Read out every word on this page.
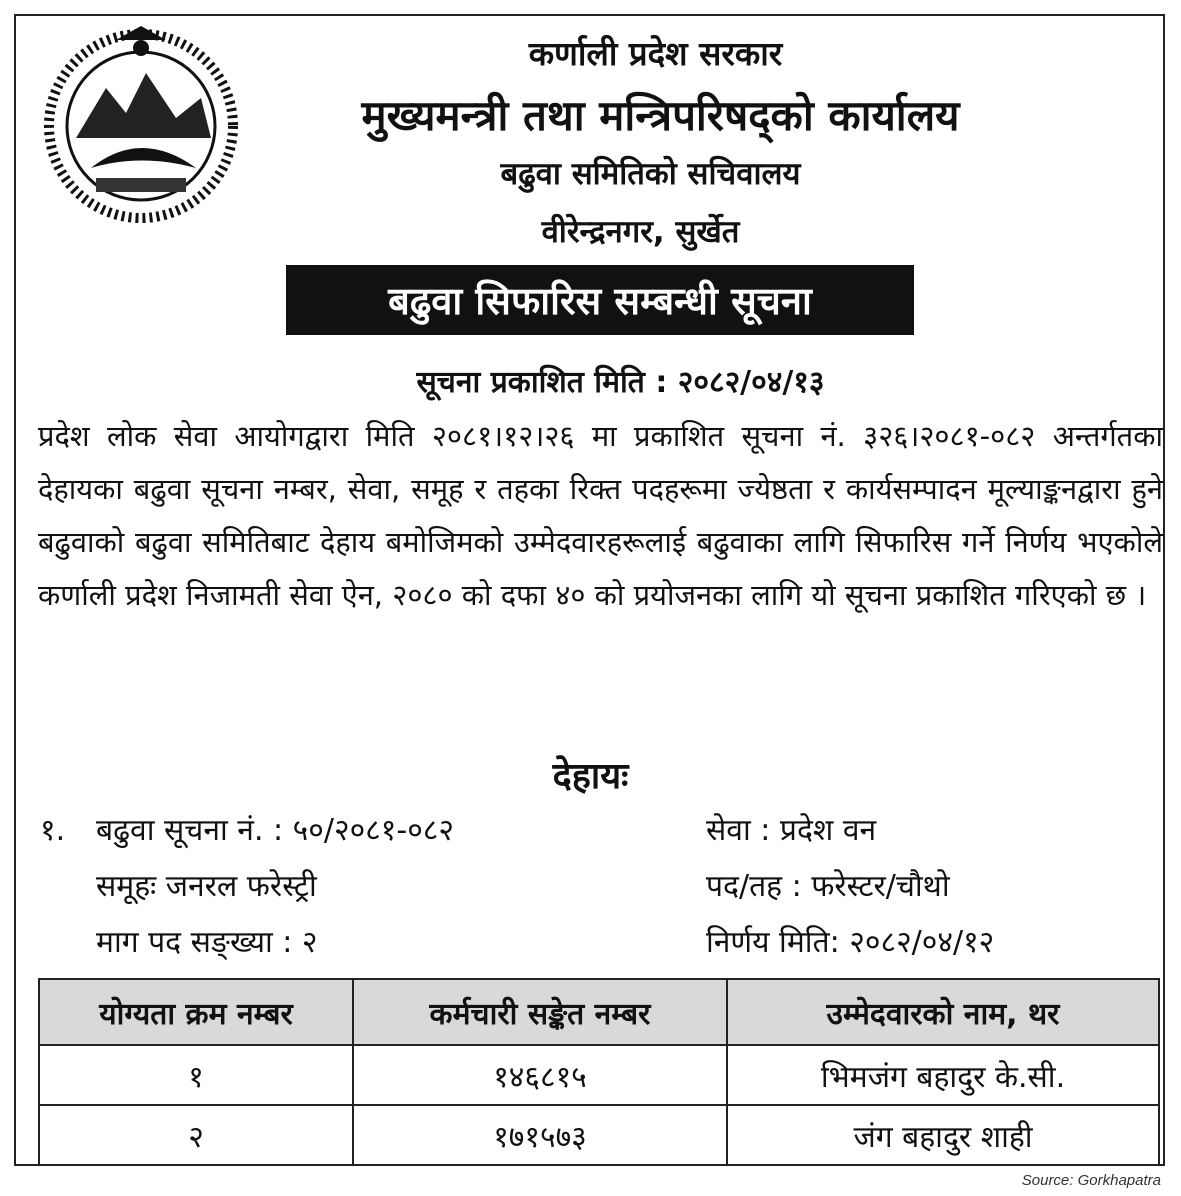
कर्णाली प्रदेश सरकार
मुख्यमन्त्री तथा मन्त्रिपरिषद्को कार्यालय
बढुवा समितिको सचिवालय
वीरेन्द्रनगर, सुर्खेत
बढुवा सिफारिस सम्बन्धी सूचना
सूचना प्रकाशित मिति : २०८२/०४/१३
प्रदेश लोक सेवा आयोगद्वारा मिति २०८१।१२।२६ मा प्रकाशित सूचना नं. ३२६।२०८१-०८२ अन्तर्गतका देहायका बढुवा सूचना नम्बर, सेवा, समूह र तहका रिक्त पदहरूमा ज्येष्ठता र कार्यसम्पादन मूल्याङ्कनद्वारा हुने बढुवाको बढुवा समितिबाट देहाय बमोजिमको उम्मेदवारहरूलाई बढुवाका लागि सिफारिस गर्ने निर्णय भएकोले कर्णाली प्रदेश निजामती सेवा ऐन, २०८० को दफा ४० को प्रयोजनका लागि यो सूचना प्रकाशित गरिएको छ ।
देहायः
१. बढुवा सूचना नं. : ५०/२०८१-०८२	सेवा : प्रदेश वन
समूहः जनरल फरेस्ट्री	पद/तह : फरेस्टर/चौथो
माग पद सङ्ख्या : २	निर्णय मिति: २०८२/०४/१२
योग्यता क्रम नम्बर	कर्मचारी सङ्केत नम्बर	उम्मेदवारको नाम, थर
१	१४६८१५	भिमजंग बहादुर के.सी.
२	१७१५७३	जंग बहादुर शाही
Source: Gorkhapatra
